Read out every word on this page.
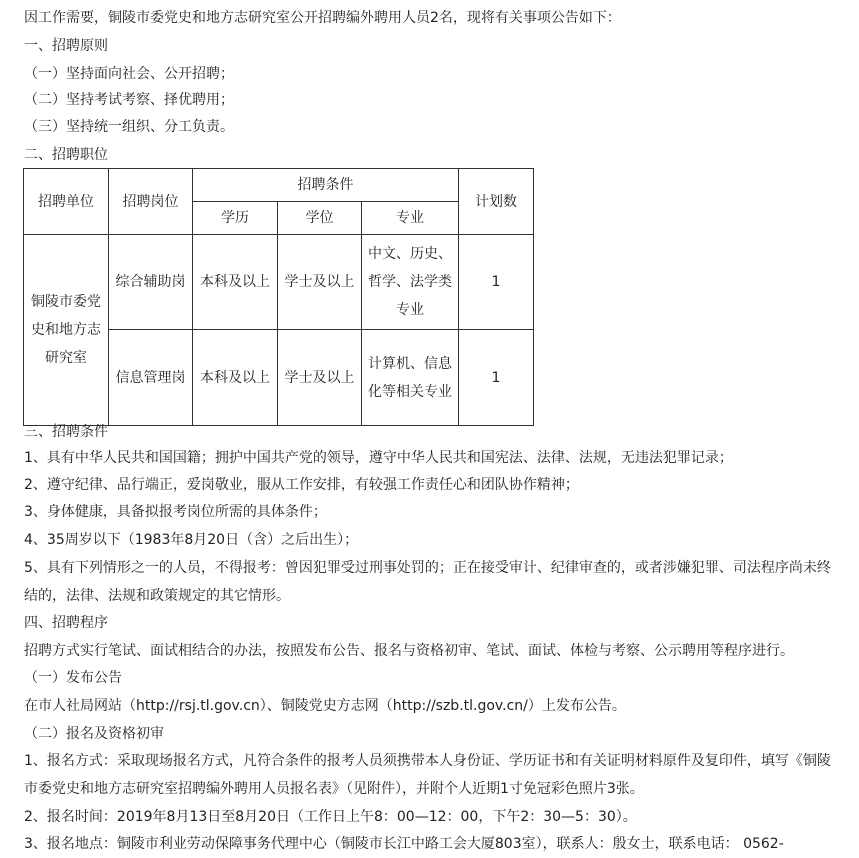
因工作需要，铜陵市委党史和地方志研究室公开招聘编外聘用人员2名，现将有关事项公告如下：
一、招聘原则
（一）坚持面向社会、公开招聘；
（二）坚持考试考察、择优聘用；
（三）坚持统一组织、分工负责。
二、招聘职位
招聘单位	招聘岗位	招聘条件			计划数
		学历	学位	专业	
铜陵市委党史和地方志研究室	综合辅助岗	本科及以上	学士及以上	中文、历史、哲学、法学类专业	1
	信息管理岗	本科及以上	学士及以上	计算机、信息化等相关专业	1
三、招聘条件
1、具有中华人民共和国国籍；拥护中国共产党的领导，遵守中华人民共和国宪法、法律、法规，无违法犯罪记录；
2、遵守纪律、品行端正，爱岗敬业，服从工作安排，有较强工作责任心和团队协作精神；
3、身体健康，具备拟报考岗位所需的具体条件；
4、35周岁以下（1983年8月20日（含）之后出生）；
5、具有下列情形之一的人员，不得报考：曾因犯罪受过刑事处罚的；正在接受审计、纪律审查的，或者涉嫌犯罪、司法程序尚未终结的，法律、法规和政策规定的其它情形。
四、招聘程序
招聘方式实行笔试、面试相结合的办法，按照发布公告、报名与资格初审、笔试、面试、体检与考察、公示聘用等程序进行。
（一）发布公告
在市人社局网站（http://rsj.tl.gov.cn）、铜陵党史方志网（http://szb.tl.gov.cn/）上发布公告。
（二）报名及资格初审
1、报名方式：采取现场报名方式，凡符合条件的报考人员须携带本人身份证、学历证书和有关证明材料原件及复印件，填写《铜陵市委党史和地方志研究室招聘编外聘用人员报名表》（见附件），并附个人近期1寸免冠彩色照片3张。
2、报名时间：2019年8月13日至8月20日（工作日上午8：00—12：00，下午2：30—5：30）。
3、报名地点：铜陵市利业劳动保障事务代理中心（铜陵市长江中路工会大厦803室），联系人：殷女士，联系电话： 0562-
